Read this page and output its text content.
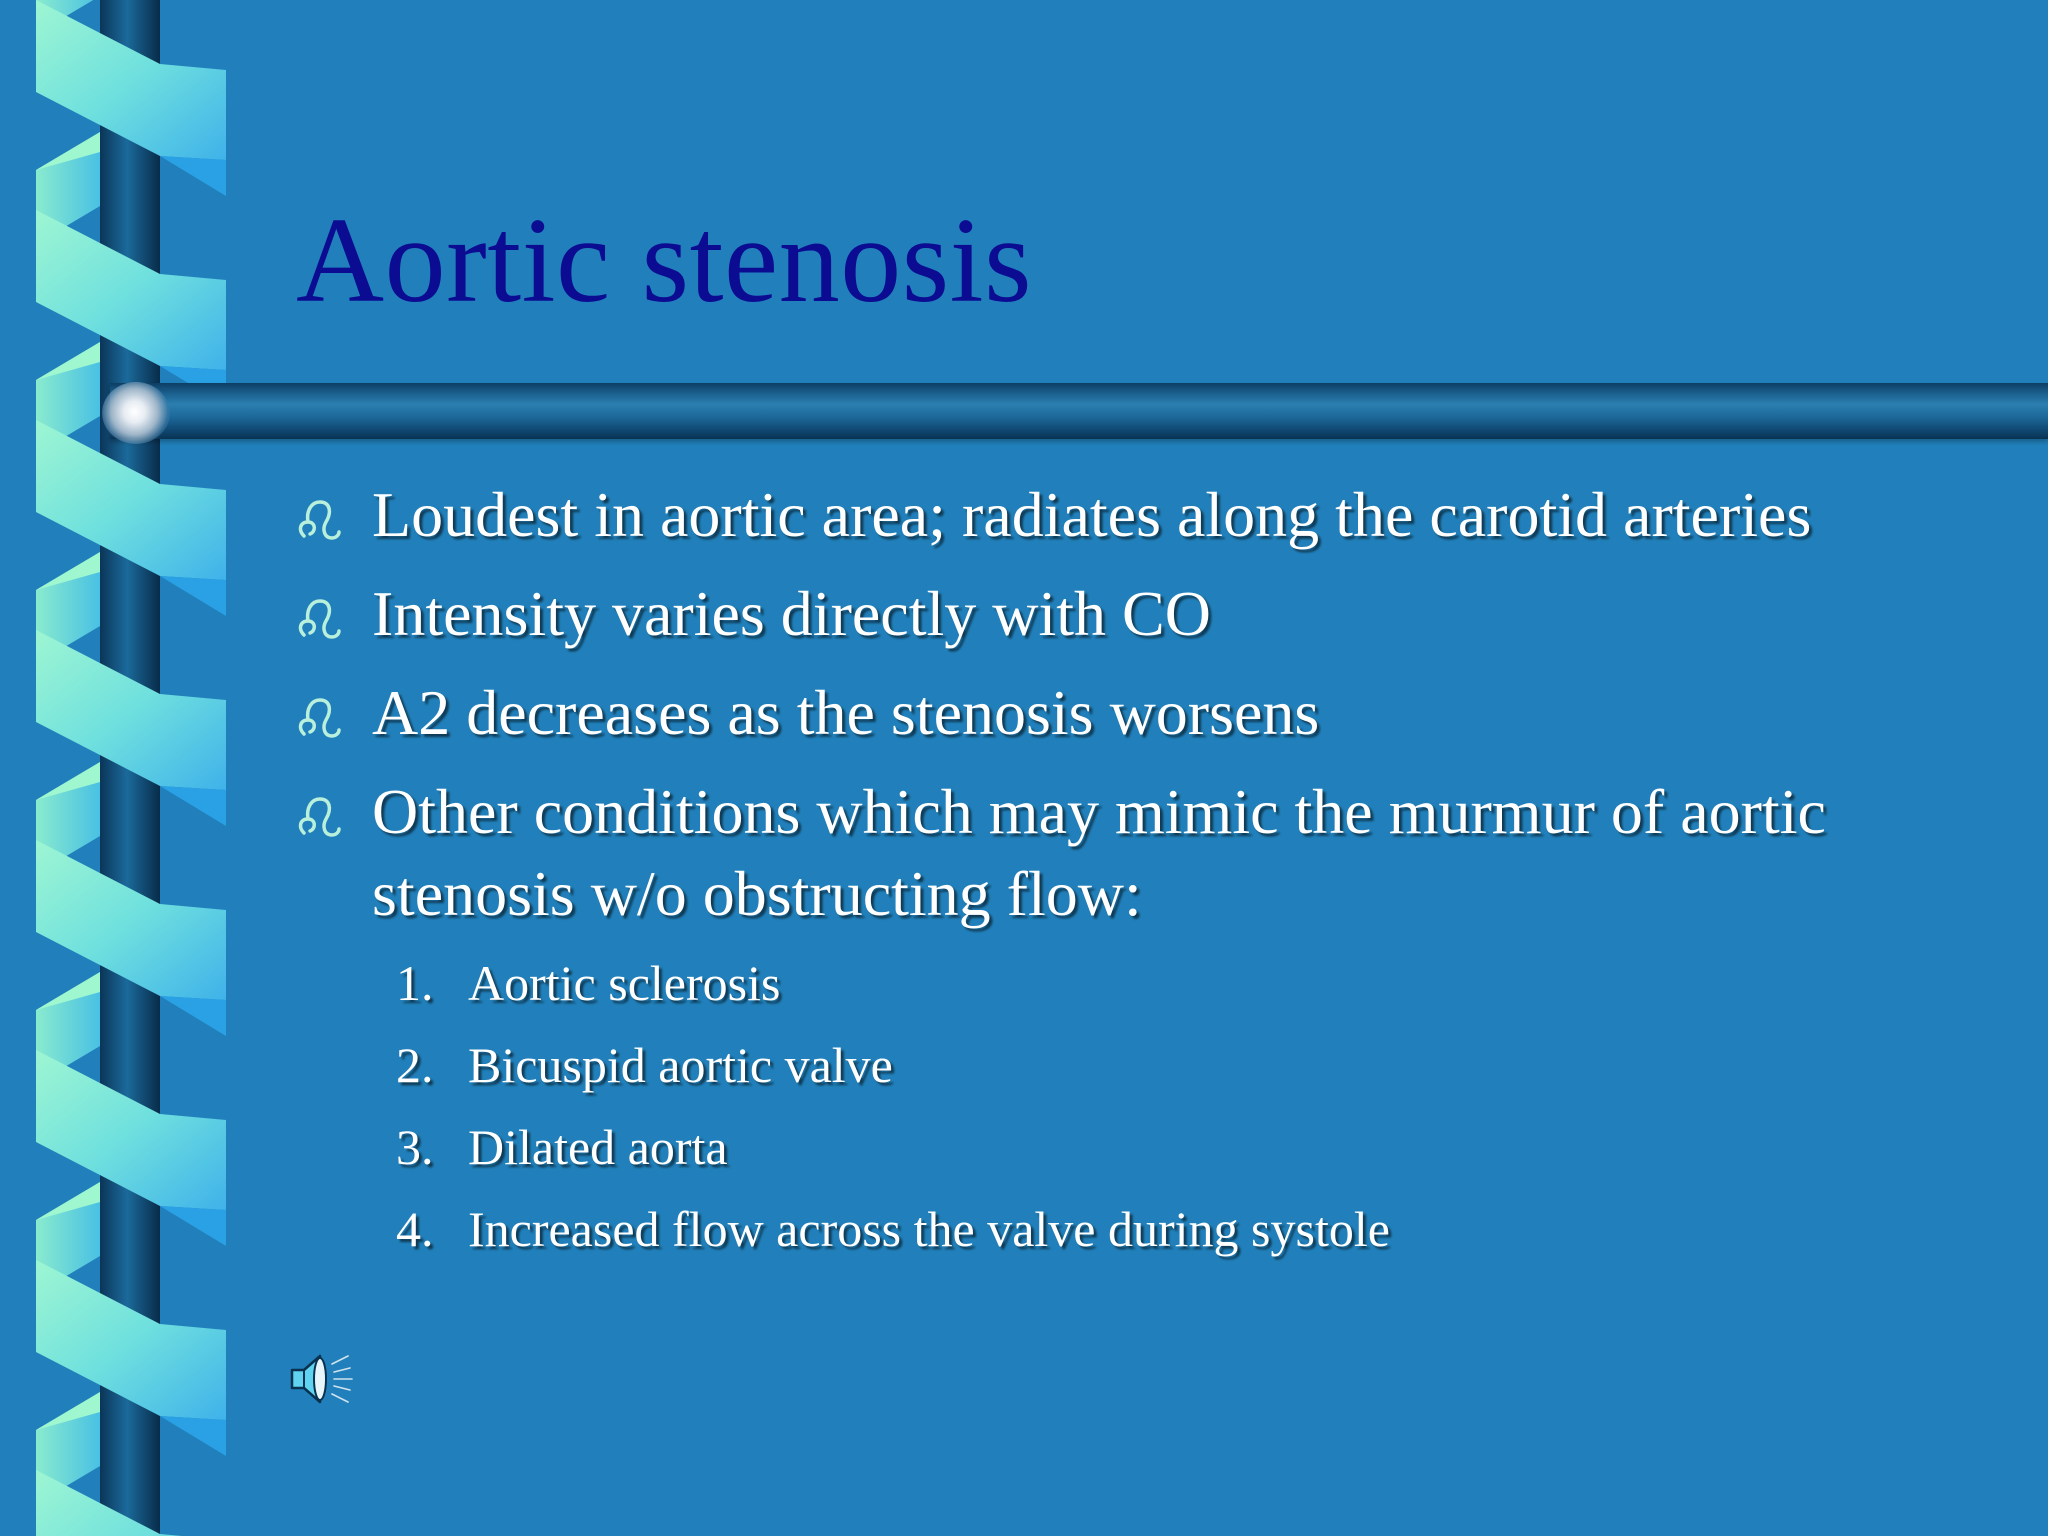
Aortic stenosis
Loudest in aortic area; radiates along the carotid arteries
Intensity varies directly with CO
A2 decreases as the stenosis worsens
Other conditions which may mimic the murmur of aortic stenosis w/o obstructing flow:
1. Aortic sclerosis
2. Bicuspid aortic valve
3. Dilated aorta
4. Increased flow across the valve during systole
